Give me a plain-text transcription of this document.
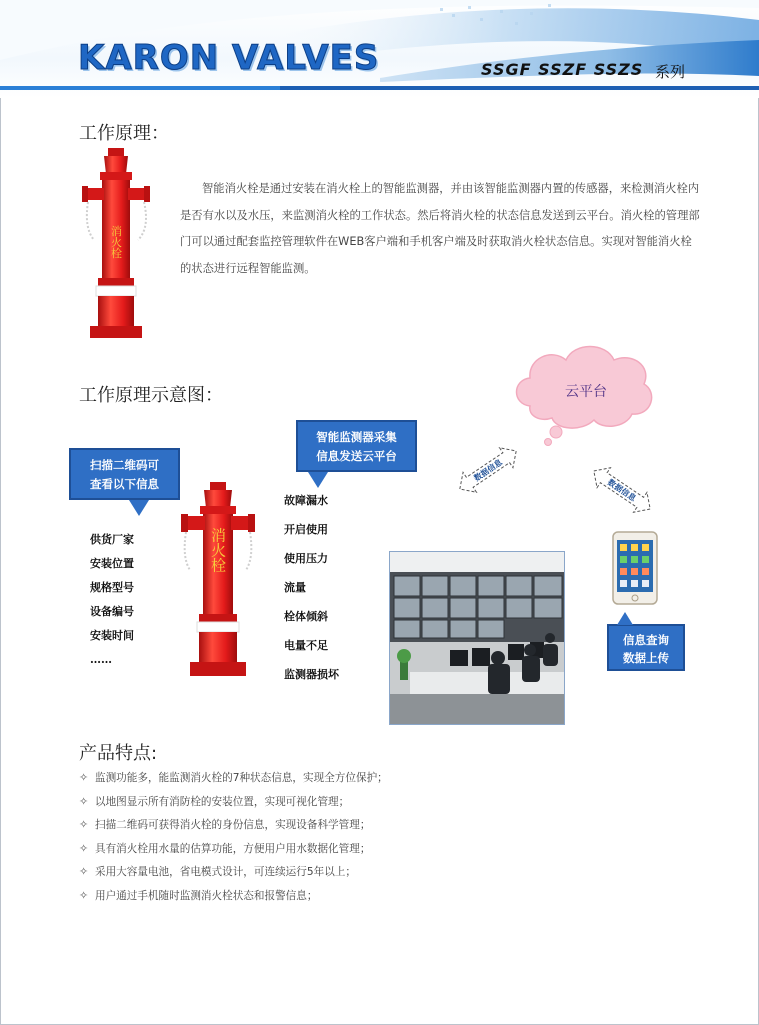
KARON VALVES	SSGF SSZF SSZS 系列
工作原理：
消火栓

智能消火栓是通过安装在消火栓上的智能监测器，并由该智能监测器内置的传感器，来检测消火栓内是否有水以及水压，来监测消火栓的工作状态。然后将消火栓的状态信息发送到云平台。消火栓的管理部门可以通过配套监控管理软件在WEB客户端和手机客户端及时获取消火栓状态信息。实现对智能消火栓的状态进行远程智能监测。

工作原理示意图：	云平台
数据信息
数据信息
扫描二维码可
查看以下信息
供货厂家
安装位置
规格型号
设备编号
安装时间
……
消火栓
智能监测器采集
信息发送云平台
故障漏水
开启使用
使用压力
流量
栓体倾斜
电量不足
监测器损坏
信息查询
数据上传
产品特点:
✧ 监测功能多，能监测消火栓的7种状态信息，实现全方位保护；
✧ 以地图显示所有消防栓的安装位置，实现可视化管理；
✧ 扫描二维码可获得消火栓的身份信息，实现设备科学管理；
✧ 具有消火栓用水量的估算功能，方便用户用水数据化管理；
✧ 采用大容量电池，省电模式设计，可连续运行5年以上；
✧ 用户通过手机随时监测消火栓状态和报警信息；
